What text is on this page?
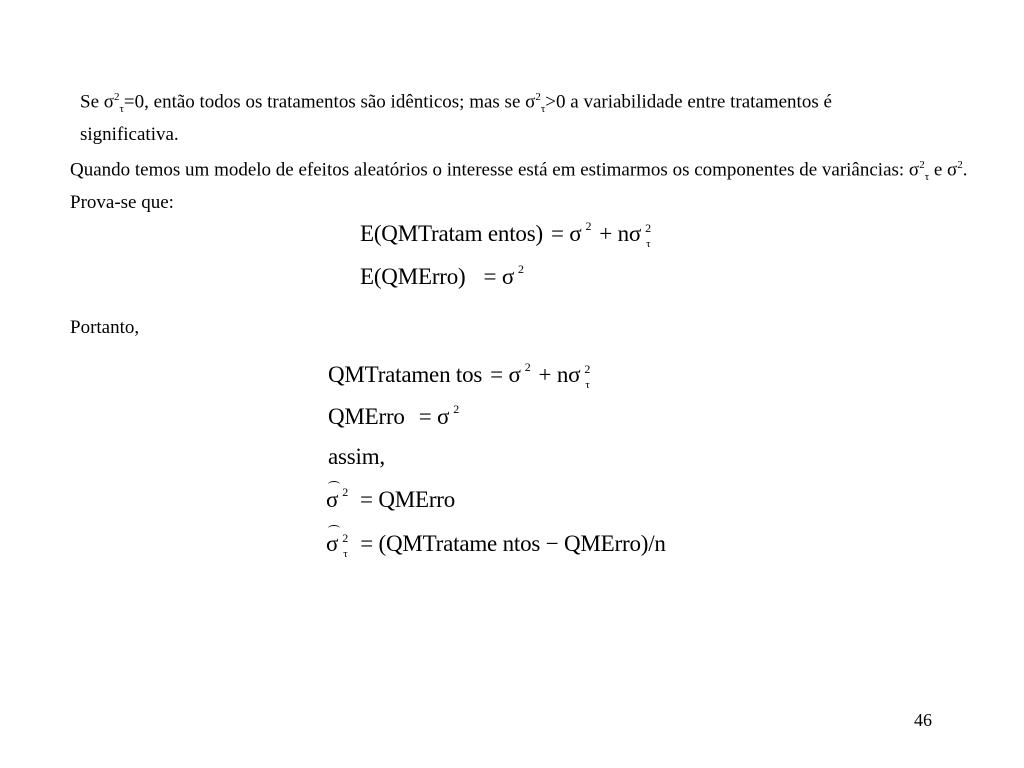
Se $\sigma^2_\tau=0$, então todos os tratamentos são idênticos; mas se $\sigma^2_\tau>0$ a variabilidade entre tratamentos é significativa.

Quando temos um modelo de efeitos aleatórios o interesse está em estimarmos os componentes de variâncias: $\sigma^2_\tau$ e $\sigma^2$. Prova-se que:

E(QMTratam entos) = σ $^2$ + nσ 2
τ
E(QMErro) = σ $^2$

Portanto,

QMTratamen tos = σ $^2$ + nσ 2
τ
QMErro = σ $^2$
assim,
σ $^2$ = QMErro
σ 2
τ = (QMTratame ntos − QMErro)/n
46
